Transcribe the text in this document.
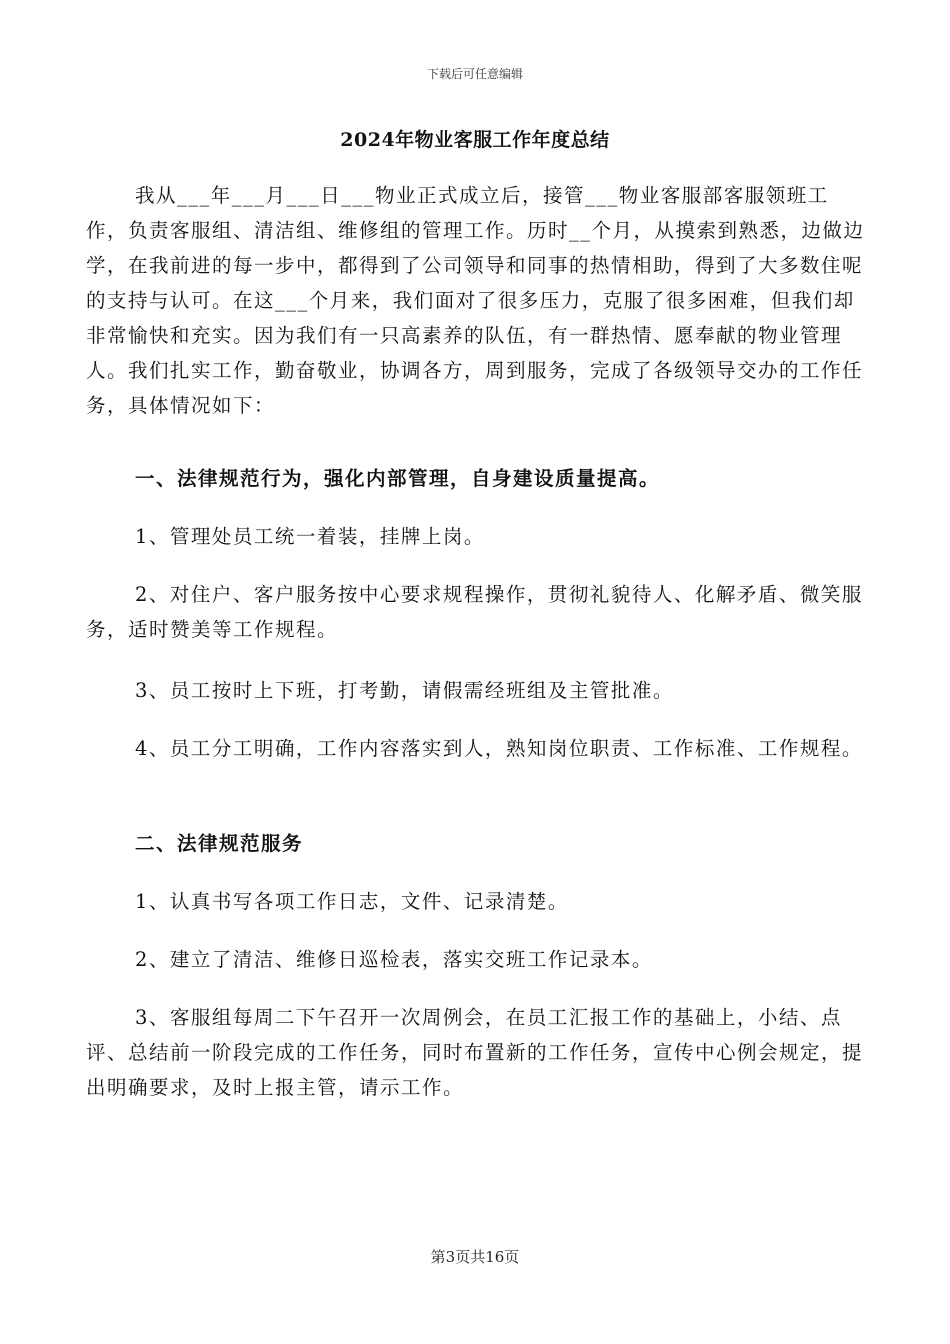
下载后可任意编辑
2024年物业客服工作年度总结

我从___年___月___日___物业正式成立后，接管___物业客服部客服领班工作，负责客服组、清洁组、维修组的管理工作。历时__个月，从摸索到熟悉，边做边学，在我前进的每一步中，都得到了公司领导和同事的热情相助，得到了大多数住呢的支持与认可。在这___个月来，我们面对了很多压力，克服了很多困难，但我们却非常愉快和充实。因为我们有一只高素养的队伍，有一群热情、愿奉献的物业管理人。我们扎实工作，勤奋敬业，协调各方，周到服务，完成了各级领导交办的工作任务，具体情况如下：

一、法律规范行为，强化内部管理，自身建设质量提高。

1、管理处员工统一着装，挂牌上岗。

2、对住户、客户服务按中心要求规程操作，贯彻礼貌待人、化解矛盾、微笑服务，适时赞美等工作规程。

3、员工按时上下班，打考勤，请假需经班组及主管批准。

4、员工分工明确，工作内容落实到人，熟知岗位职责、工作标准、工作规程。

二、法律规范服务

1、认真书写各项工作日志，文件、记录清楚。

2、建立了清洁、维修日巡检表，落实交班工作记录本。

3、客服组每周二下午召开一次周例会，在员工汇报工作的基础上，小结、点评、总结前一阶段完成的工作任务，同时布置新的工作任务，宣传中心例会规定，提出明确要求，及时上报主管，请示工作。

第3页共16页
